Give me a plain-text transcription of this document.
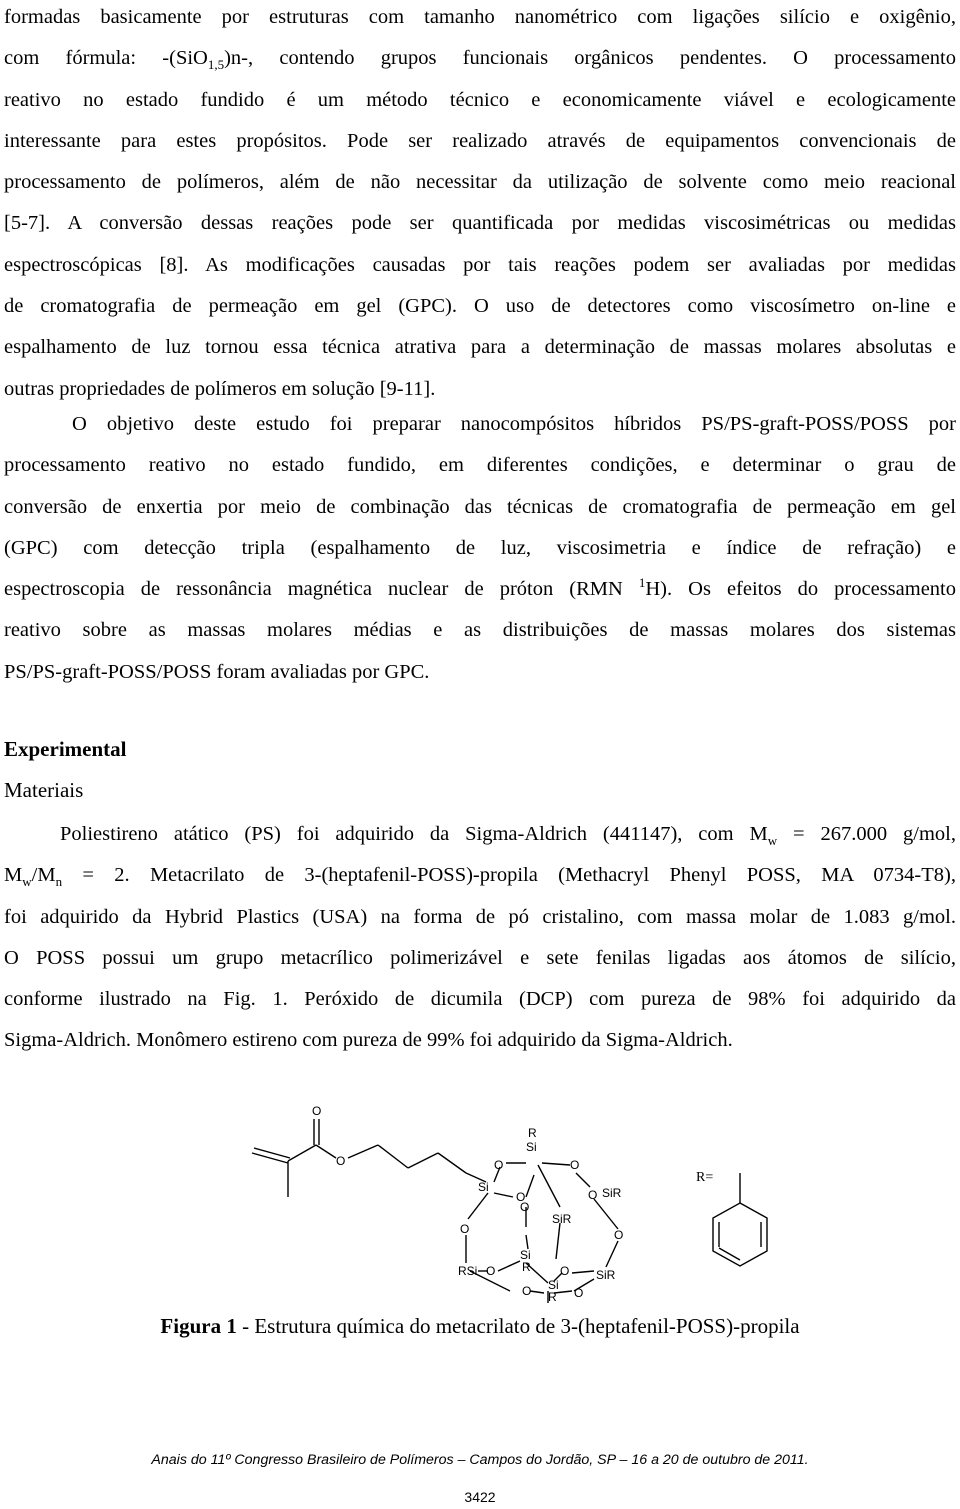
formadas basicamente por estruturas com tamanho nanométrico com ligações silício e oxigênio,
com fórmula: -(SiO$_{1,5}$)n-, contendo grupos funcionais orgânicos pendentes. O processamento
reativo no estado fundido é um método técnico e economicamente viável e ecologicamente
interessante para estes propósitos. Pode ser realizado através de equipamentos convencionais de
processamento de polímeros, além de não necessitar da utilização de solvente como meio reacional
[5-7]. A conversão dessas reações pode ser quantificada por medidas viscosimétricas ou medidas
espectroscópicas [8]. As modificações causadas por tais reações podem ser avaliadas por medidas
de cromatografia de permeação em gel (GPC). O uso de detectores como viscosímetro on-line e
espalhamento de luz tornou essa técnica atrativa para a determinação de massas molares absolutas e
outras propriedades de polímeros em solução [9-11].
O objetivo deste estudo foi preparar nanocompósitos híbridos PS/PS-graft-POSS/POSS por
processamento reativo no estado fundido, em diferentes condições, e determinar o grau de
conversão de enxertia por meio de combinação das técnicas de cromatografia de permeação em gel
(GPC) com detecção tripla (espalhamento de luz, viscosimetria e índice de refração) e
espectroscopia de ressonância magnética nuclear de próton (RMN $^1$H). Os efeitos do processamento
reativo sobre as massas molares médias e as distribuições de massas molares dos sistemas
PS/PS-graft-POSS/POSS foram avaliadas por GPC.
Experimental
Materiais
Poliestireno atático (PS) foi adquirido da Sigma-Aldrich (441147), com $M_w = 267.000$ g/mol,
$M_w/M_n = 2$. Metacrilato de 3-(heptafenil-POSS)-propila (Methacryl Phenyl POSS, MA 0734-T8),
foi adquirido da Hybrid Plastics (USA) na forma de pó cristalino, com massa molar de 1.083 g/mol.
O POSS possui um grupo metacrílico polimerizável e sete fenilas ligadas aos átomos de silício,
conforme ilustrado na Fig. 1. Peróxido de dicumila (DCP) com pureza de 98% foi adquirido da
Sigma-Aldrich. Monômero estireno com pureza de 99% foi adquirido da Sigma-Aldrich.
O
O
R
Si
O	O
Si
O
O
O SiR
SiR
O	O
Si
R
RSi O	O SiR
Si
O	O
R
R=
Figura 1 - Estrutura química do metacrilato de 3-(heptafenil-POSS)-propila
Anais do 11º Congresso Brasileiro de Polímeros – Campos do Jordão, SP – 16 a 20 de outubro de 2011.
3422
